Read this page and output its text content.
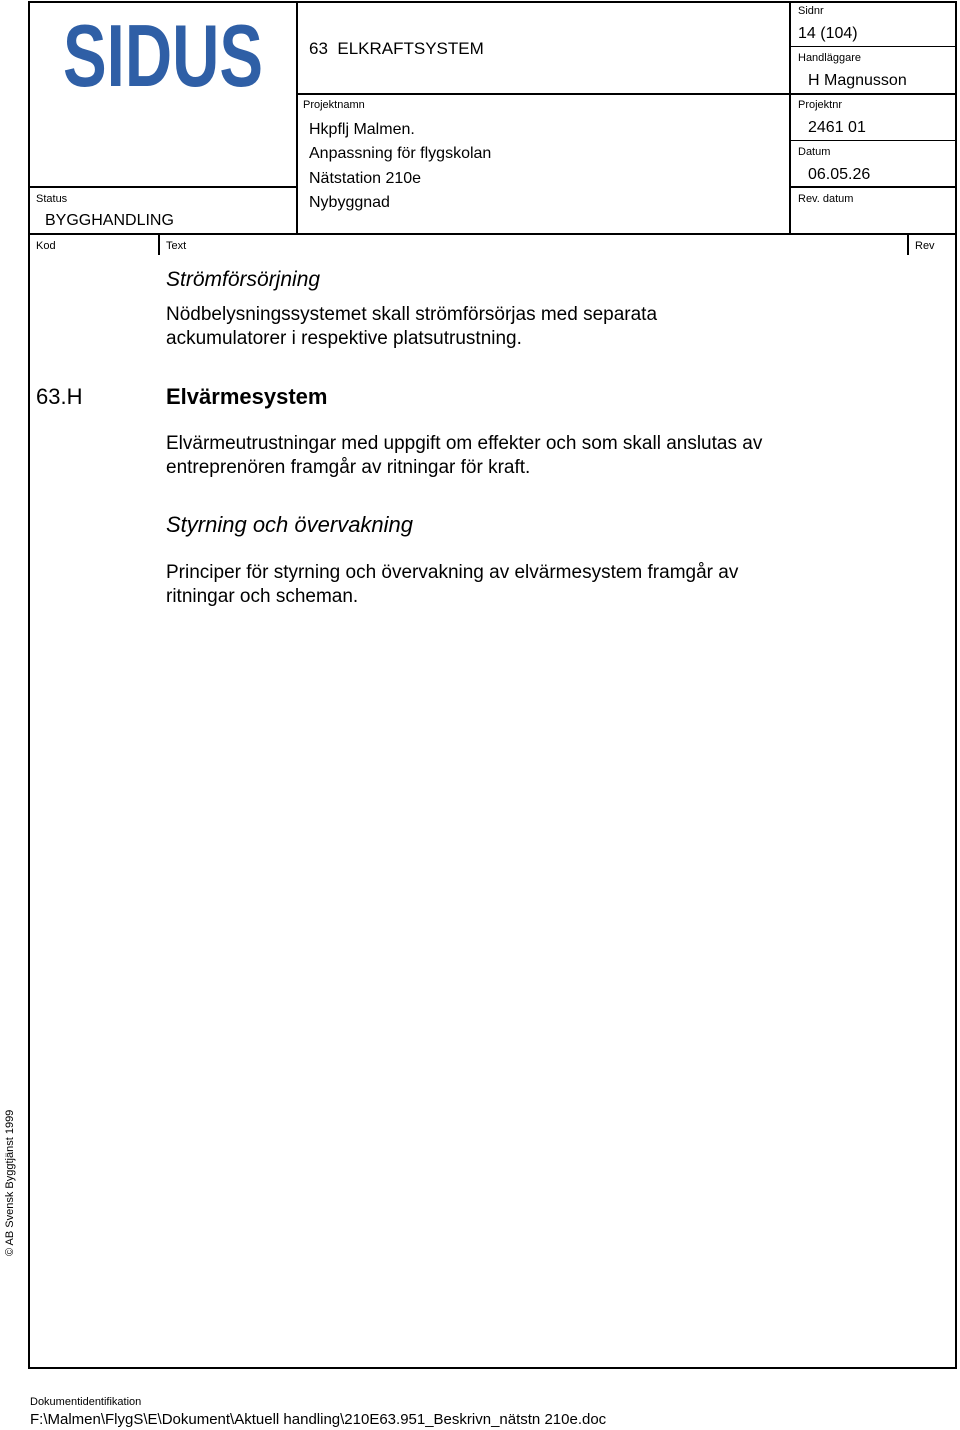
SIDUS	63  ELKRAFTSYSTEM
Status
BYGGHANDLING
Projektnamn
Hkpflj Malmen.
Anpassning för flygskolan
Nätstation 210e
Nybyggnad
Sidnr
14 (104)
Handläggare
H Magnusson
Projektnr
2461 01
Datum
06.05.26
Rev. datum
Kod	Text	Rev
Strömförsörjning
Nödbelysningssystemet skall strömförsörjas med separata
ackumulatorer i respektive platsutrustning.
63.H	Elvärmesystem
Elvärmeutrustningar med uppgift om effekter och som skall anslutas av
entreprenören framgår av ritningar för kraft.
Styrning och övervakning
Principer för styrning och övervakning av elvärmesystem framgår av
ritningar och scheman.
© AB Svensk Byggtjänst 1999
Dokumentidentifikation
F:\Malmen\FlygS\E\Dokument\Aktuell handling\210E63.951_Beskrivn_nätstn 210e.doc
